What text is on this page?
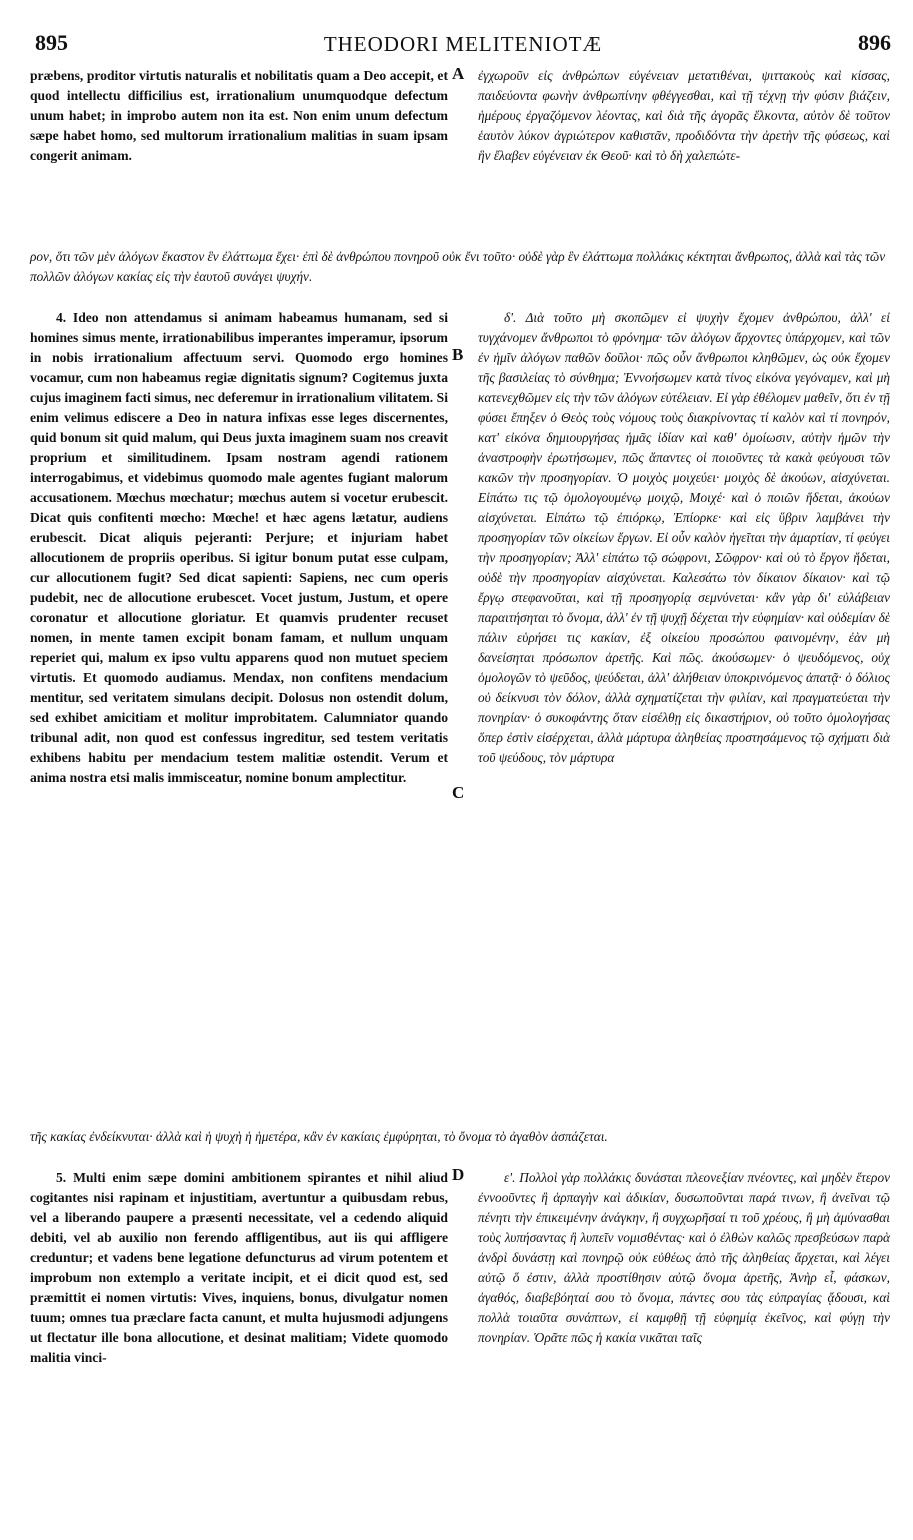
895	THEODORI MELITENIOTÆ	896

præbens, proditor virtutis naturalis et nobilitatis quam a Deo accepit, et quod intellectu difficilius est, irrationalium unumquodque defectum unum habet; in improbo autem non ita est. Non enim unum defectum sæpe habet homo, sed multorum irrationalium malitias in suam ipsam congerit animam.

A ἐγχωροῦν εἰς ἀνθρώπων εὐγένειαν μετατιθέναι, ψιττακοὺς καὶ κίσσας, παιδεύοντα φωνὴν ἀνθρωπίνην φθέγγεσθαι, καὶ τῇ τέχνῃ τὴν φύσιν βιάζειν, ἡμέρους ἐργαζόμενον λέοντας, καὶ διὰ τῆς ἀγορᾶς ἕλκοντα, αὐτὸν δὲ τοῦτον ἑαυτὸν λύκον ἀγριώτερον καθιστᾶν, προδιδόντα τὴν ἀρετὴν τῆς φύσεως, καὶ ἣν ἔλαβεν εὐγένειαν ἐκ Θεοῦ· καὶ τὸ δὴ χαλεπώτε-

ρον, ὅτι τῶν μὲν ἀλόγων ἕκαστον ἓν ἐλάττωμα ἔχει· ἐπὶ δὲ ἀνθρώπου πονηροῦ οὐκ ἔνι τοῦτο· οὐδὲ γὰρ ἓν ἐλάττωμα πολλάκις κέκτηται ἄνθρωπος, ἀλλὰ καὶ τὰς τῶν πολλῶν ἀλόγων κακίας εἰς τὴν ἑαυτοῦ συνάγει ψυχήν.

4. Ideo non attendamus si animam habeamus humanam, sed si homines simus mente, irrationabilibus imperantes imperamur, ipsorum in nobis irrationalium affectuum servi. Quomodo ergo homines vocamur, cum non habeamus regiæ dignitatis signum? Cogitemus juxta cujus imaginem facti simus, nec deferemur in irrationalium vilitatem. Si enim velimus ediscere a Deo in natura infixas esse leges discernentes, quid bonum sit quid malum, qui Deus juxta imaginem suam nos creavit proprium et similitudinem. Ipsam nostram agendi rationem interrogabimus, et videbimus quomodo male agentes fugiant malorum accusationem. Mœchus mœchatur; mœchus autem si vocetur erubescit. Dicat quis confitenti mœcho: Mœche! et hæc agens lætatur, audiens erubescit. Dicat aliquis pejeranti: Perjure; et injuriam habet allocutionem de propriis operibus. Si igitur bonum putat esse culpam, cur allocutionem fugit? Sed dicat sapienti: Sapiens, nec cum operis pudebit, nec de allocutione erubescet. Vocet justum, Justum, et opere coronatur et allocutione gloriatur. Et quamvis prudenter recuset nomen, in mente tamen excipit bonam famam, et nullum unquam reperiet qui, malum ex ipso vultu apparens quod non mutuet speciem virtutis. Et quomodo audiamus. Mendax, non confitens mendacium mentitur, sed veritatem simulans decipit. Dolosus non ostendit dolum, sed exhibet amicitiam et molitur improbitatem. Calumniator quando tribunal adit, non quod est confessus ingreditur, sed testem veritatis exhibens habitu per mendacium testem malitiæ ostendit. Verum et anima nostra etsi malis immisceatur, nomine bonum amplectitur.

B
C

δ'. Διὰ τοῦτο μὴ σκοπῶμεν εἰ ψυχὴν ἔχομεν ἀνθρώπου, ἀλλ' εἰ τυγχάνομεν ἄνθρωποι τὸ φρόνημα· τῶν ἀλόγων ἄρχοντες ὑπάρχομεν, καὶ τῶν ἐν ἡμῖν ἀλόγων παθῶν δοῦλοι· πῶς οὖν ἄνθρωποι κληθῶμεν, ὡς οὐκ ἔχομεν τῆς βασιλείας τὸ σύνθημα; Ἐννοήσωμεν κατὰ τίνος εἰκόνα γεγόναμεν, καὶ μὴ κατενεχθῶμεν εἰς τὴν τῶν ἀλόγων εὐτέλειαν. Εἰ γὰρ ἐθέλομεν μαθεῖν, ὅτι ἐν τῇ φύσει ἔπηξεν ὁ Θεὸς τοὺς νόμους τοὺς διακρίνοντας τί καλὸν καὶ τί πονηρόν, κατ' εἰκόνα δημιουργήσας ἡμᾶς ἰδίαν καὶ καθ' ὁμοίωσιν, αὐτὴν ἡμῶν τὴν ἀναστροφὴν ἐρωτήσωμεν, πῶς ἅπαντες οἱ ποιοῦντες τὰ κακὰ φεύγουσι τῶν κακῶν τὴν προσηγορίαν. Ὁ μοιχὸς μοιχεύει· μοιχὸς δὲ ἀκούων, αἰσχύνεται. Εἰπάτω τις τῷ ὁμολογουμένῳ μοιχῷ, Μοιχέ· καὶ ὁ ποιῶν ἥδεται, ἀκούων αἰσχύνεται. Εἰπάτω τῷ ἐπιόρκῳ, Ἐπίορκε· καὶ εἰς ὕβριν λαμβάνει τὴν προσηγορίαν τῶν οἰκείων ἔργων. Εἰ οὖν καλὸν ἡγεῖται τὴν ἁμαρτίαν, τί φεύγει τὴν προσηγορίαν; Ἀλλ' εἰπάτω τῷ σώφρονι, Σῶφρον· καὶ οὐ τὸ ἔργον ἥδεται, οὐδὲ τὴν προσηγορίαν αἰσχύνεται. Καλεσάτω τὸν δίκαιον δίκαιον· καὶ τῷ ἔργῳ στεφανοῦται, καὶ τῇ προσηγορίᾳ σεμνύνεται· κἂν γὰρ δι' εὐλάβειαν παραιτήσηται τὸ ὄνομα, ἀλλ' ἐν τῇ ψυχῇ δέχεται τὴν εὐφημίαν· καὶ οὐδεμίαν δὲ πάλιν εὑρήσει τις κακίαν, ἐξ οἰκείου προσώπου φαινομένην, ἐὰν μὴ δανείσηται πρόσωπον ἀρετῆς. Καὶ πῶς. ἀκούσωμεν· ὁ ψευδόμενος, οὐχ ὁμολογῶν τὸ ψεῦδος, ψεύδεται, ἀλλ' ἀλήθειαν ὑποκρινόμενος ἀπατᾷ· ὁ δόλιος οὐ δείκνυσι τὸν δόλον, ἀλλὰ σχηματίζεται τὴν φιλίαν, καὶ πραγματεύεται τὴν πονηρίαν· ὁ συκοφάντης ὅταν εἰσέλθῃ εἰς δικαστήριον, οὐ τοῦτο ὁμολογήσας ὅπερ ἐστὶν εἰσέρχεται, ἀλλὰ μάρτυρα ἀληθείας προστησάμενος τῷ σχήματι διὰ τοῦ ψεύδους, τὸν μάρτυρα

τῆς κακίας ἐνδείκνυται· ἀλλὰ καὶ ἡ ψυχὴ ἡ ἡμετέρα, κἂν ἐν κακίαις ἐμφύρηται, τὸ ὄνομα τὸ ἀγαθὸν ἀσπάζεται.

5. Multi enim sæpe domini ambitionem spirantes et nihil aliud cogitantes nisi rapinam et injustitiam, avertuntur a quibusdam rebus, vel a liberando paupere a præsenti necessitate, vel a cedendo aliquid debiti, vel ab auxilio non ferendo affligentibus, aut iis qui affligere creduntur; et vadens bene legatione defuncturus ad virum potentem et improbum non extemplo a veritate incipit, et ei dicit quod est, sed præmittit ei nomen virtutis: Vives, inquiens, bonus, divulgatur nomen tuum; omnes tua præclare facta canunt, et multa hujusmodi adjungens ut flectatur ille bona allocutione, et desinat malitiam; Videte quomodo malitia vinci-

D	ε'. Πολλοὶ γὰρ πολλάκις δυνάσται πλεονεξίαν πνέοντες, καὶ μηδὲν ἕτερον ἐννοοῦντες ἢ ἁρπαγὴν καὶ ἀδικίαν, δυσωποῦνται παρά τινων, ἢ ἀνεῖναι τῷ πένητι τὴν ἐπικειμένην ἀνάγκην, ἢ συγχωρῆσαί τι τοῦ χρέους, ἢ μὴ ἀμύνασθαι τοὺς λυπήσαντας ἢ λυπεῖν νομισθέντας· καὶ ὁ ἐλθὼν καλῶς πρεσβεύσων παρὰ ἀνδρὶ δυνάστῃ καὶ πονηρῷ οὐκ εὐθέως ἀπὸ τῆς ἀληθείας ἄρχεται, καὶ λέγει αὐτῷ ὅ ἐστιν, ἀλλὰ προστίθησιν αὐτῷ ὄνομα ἀρετῆς, Ἀνὴρ εἶ, φάσκων, ἀγαθός, διαβεβόηταί σου τὸ ὄνομα, πάντες σου τὰς εὐπραγίας ᾄδουσι, καὶ πολλὰ τοιαῦτα συνάπτων, εἰ καμφθῇ τῇ εὐφημίᾳ ἐκεῖνος, καὶ φύγῃ τὴν πονηρίαν. Ὁρᾶτε πῶς ἡ κακία νικᾶται ταῖς
